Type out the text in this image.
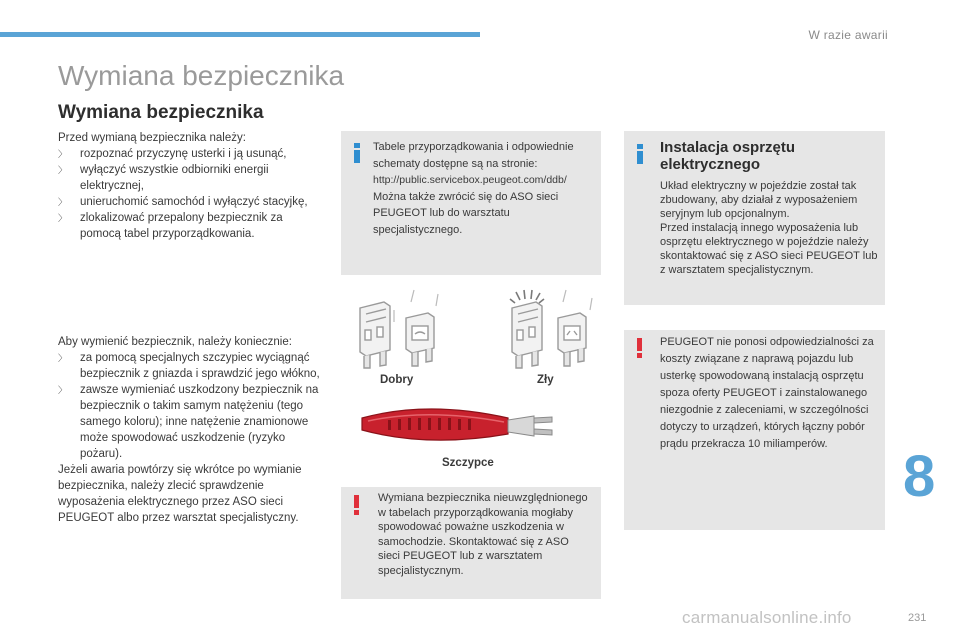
W razie awarii
Wymiana bezpiecznika
Wymiana bezpiecznika

Przed wymianą bezpiecznika należy:

〉 rozpoznać przyczynę usterki i ją usunąć,
〉 wyłączyć wszystkie odbiorniki energii elektrycznej,
〉 unieruchomić samochód i wyłączyć stacyjkę,
〉 zlokalizować przepalony bezpiecznik za pomocą tabel przyporządkowania.

Aby wymienić bezpiecznik, należy koniecznie:

〉 za pomocą specjalnych szczypiec wyciągnąć bezpiecznik z gniazda i sprawdzić jego włókno,
〉 zawsze wymieniać uszkodzony bezpiecznik na bezpiecznik o takim samym natężeniu (tego samego koloru); inne natężenie znamionowe może spowodować uszkodzenie (ryzyko pożaru).

Jeżeli awaria powtórzy się wkrótce po wymianie bezpiecznika, należy zlecić sprawdzenie wyposażenia elektrycznego przez ASO sieci PEUGEOT albo przez warsztat specjalistyczny.

Tabele przyporządkowania i odpowiednie schematy dostępne są na stronie:
http://public.servicebox.peugeot.com/ddb/
Można także zwrócić się do ASO sieci PEUGEOT lub do warsztatu specjalistycznego.
Instalacja osprzętu elektrycznego
Układ elektryczny w pojeździe został tak zbudowany, aby działał z wyposażeniem seryjnym lub opcjonalnym.
Przed instalacją innego wyposażenia lub osprzętu elektrycznego w pojeździe należy skontaktować się z ASO sieci PEUGEOT lub z warsztatem specjalistycznym.
Dobry	Zły
Szczypce
Wymiana bezpiecznika nieuwzględnionego w tabelach przyporządkowania mogłaby spowodować poważne uszkodzenia w samochodzie. Skontaktować się z ASO sieci PEUGEOT lub z warsztatem specjalistycznym.
PEUGEOT nie ponosi odpowiedzialności za koszty związane z naprawą pojazdu lub usterkę spowodowaną instalacją osprzętu spoza oferty PEUGEOT i zainstalowanego niezgodnie z zaleceniami, w szczególności dotyczy to urządzeń, których łączny pobór prądu przekracza 10 miliamperów.	8
carmanualsonline.info	231
